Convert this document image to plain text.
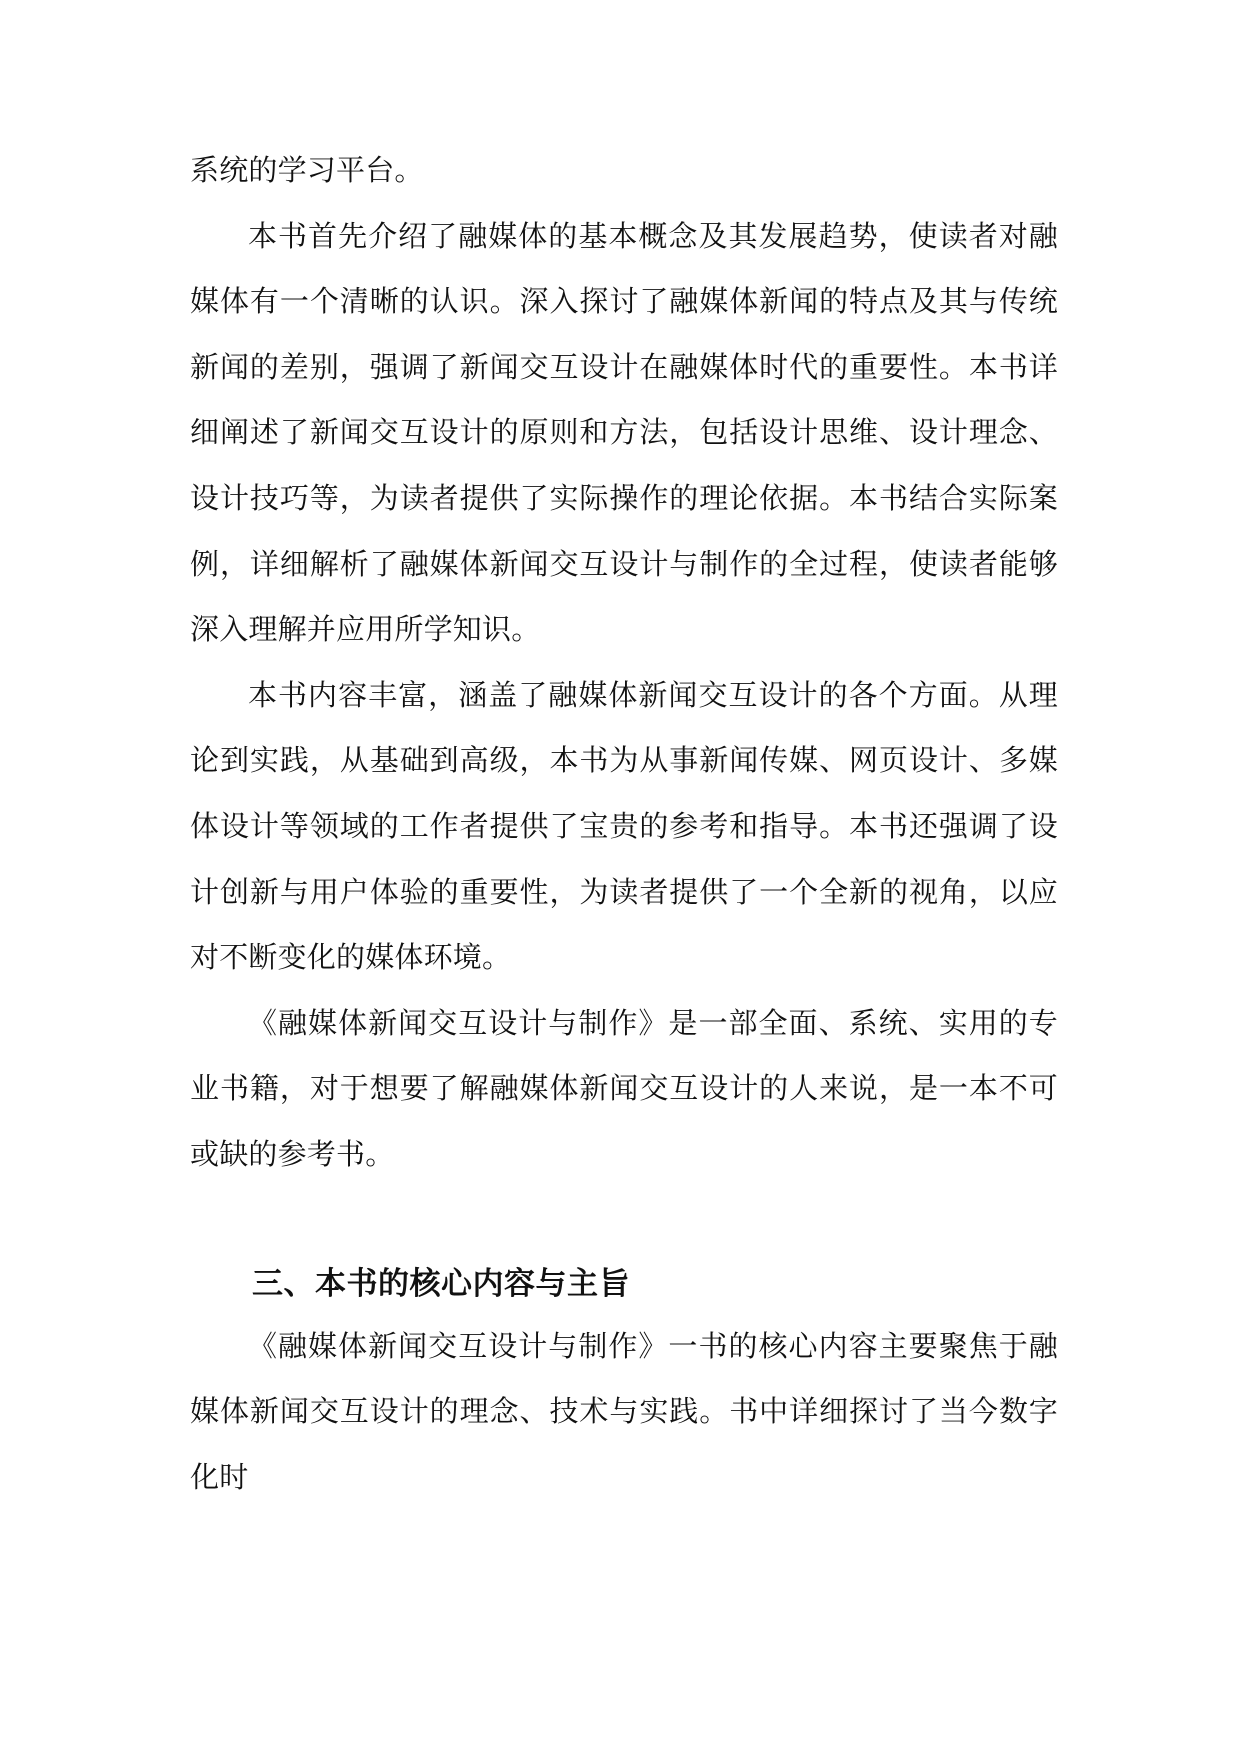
系统的学习平台。

本书首先介绍了融媒体的基本概念及其发展趋势，使读者对融媒体有一个清晰的认识。深入探讨了融媒体新闻的特点及其与传统新闻的差别，强调了新闻交互设计在融媒体时代的重要性。本书详细阐述了新闻交互设计的原则和方法，包括设计思维、设计理念、设计技巧等，为读者提供了实际操作的理论依据。本书结合实际案例，详细解析了融媒体新闻交互设计与制作的全过程，使读者能够深入理解并应用所学知识。

本书内容丰富，涵盖了融媒体新闻交互设计的各个方面。从理论到实践，从基础到高级，本书为从事新闻传媒、网页设计、多媒体设计等领域的工作者提供了宝贵的参考和指导。本书还强调了设计创新与用户体验的重要性，为读者提供了一个全新的视角，以应对不断变化的媒体环境。

《融媒体新闻交互设计与制作》是一部全面、系统、实用的专业书籍，对于想要了解融媒体新闻交互设计的人来说，是一本不可或缺的参考书。

三、本书的核心内容与主旨

《融媒体新闻交互设计与制作》一书的核心内容主要聚焦于融媒体新闻交互设计的理念、技术与实践。书中详细探讨了当今数字化时
